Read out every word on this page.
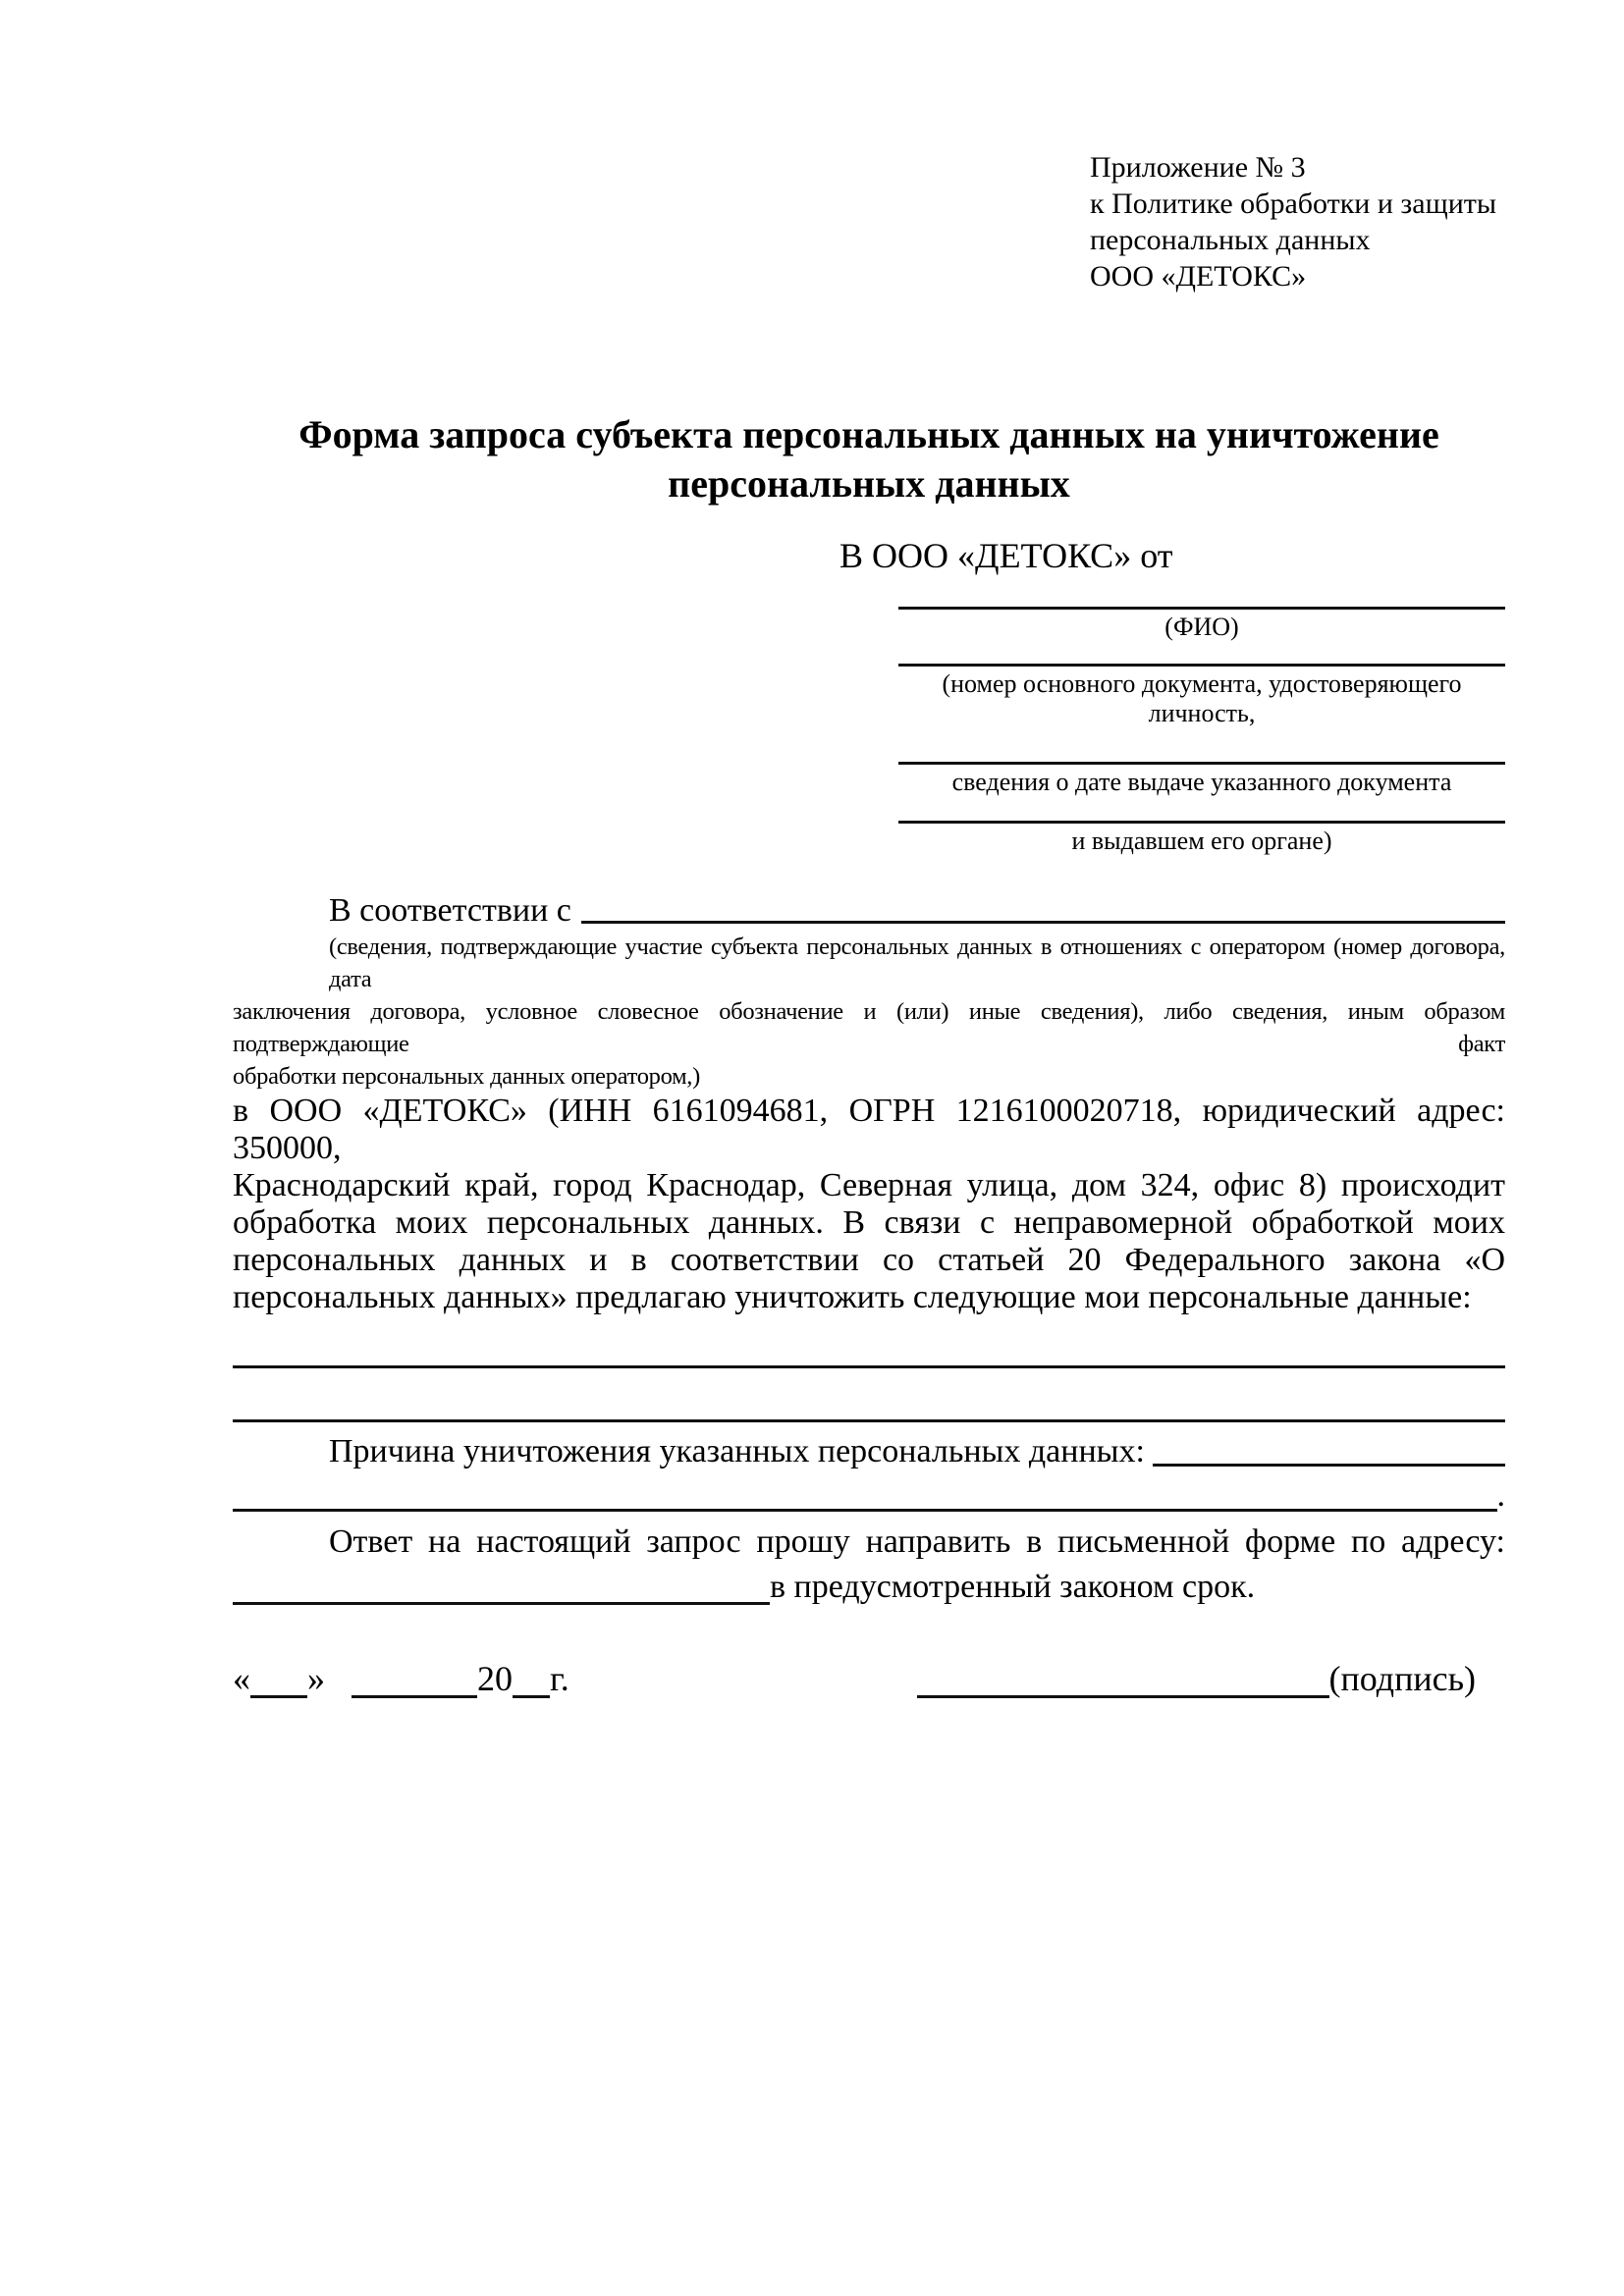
Приложение № 3
к Политике обработки и защиты
персональных данных
ООО «ДЕТОКС»
Форма запроса субъекта персональных данных на уничтожение персональных данных
В ООО «ДЕТОКС» от
(ФИО)
(номер основного документа, удостоверяющего личность,
сведения о дате выдаче указанного документа
и выдавшем его органе)
В соответствии с
(сведения, подтверждающие участие субъекта персональных данных в отношениях с оператором (номер договора, дата
заключения договора, условное словесное обозначение и (или) иные сведения), либо сведения, иным образом подтверждающие факт
обработки персональных данных оператором,)
в ООО «ДЕТОКС» (ИНН 6161094681, ОГРН 1216100020718, юридический адрес: 350000,
Краснодарский край, город Краснодар, Северная улица, дом 324, офис 8) происходит
обработка моих персональных данных. В связи с неправомерной обработкой моих
персональных данных и в соответствии со статьей 20 Федерального закона «О
персональных данных» предлагаю уничтожить следующие мои персональные данные:
Причина уничтожения указанных персональных данных:
.
Ответ на настоящий запрос прошу направить в письменной форме по адресу:
в предусмотренный законом срок.
« »	20 г.	(подпись)
